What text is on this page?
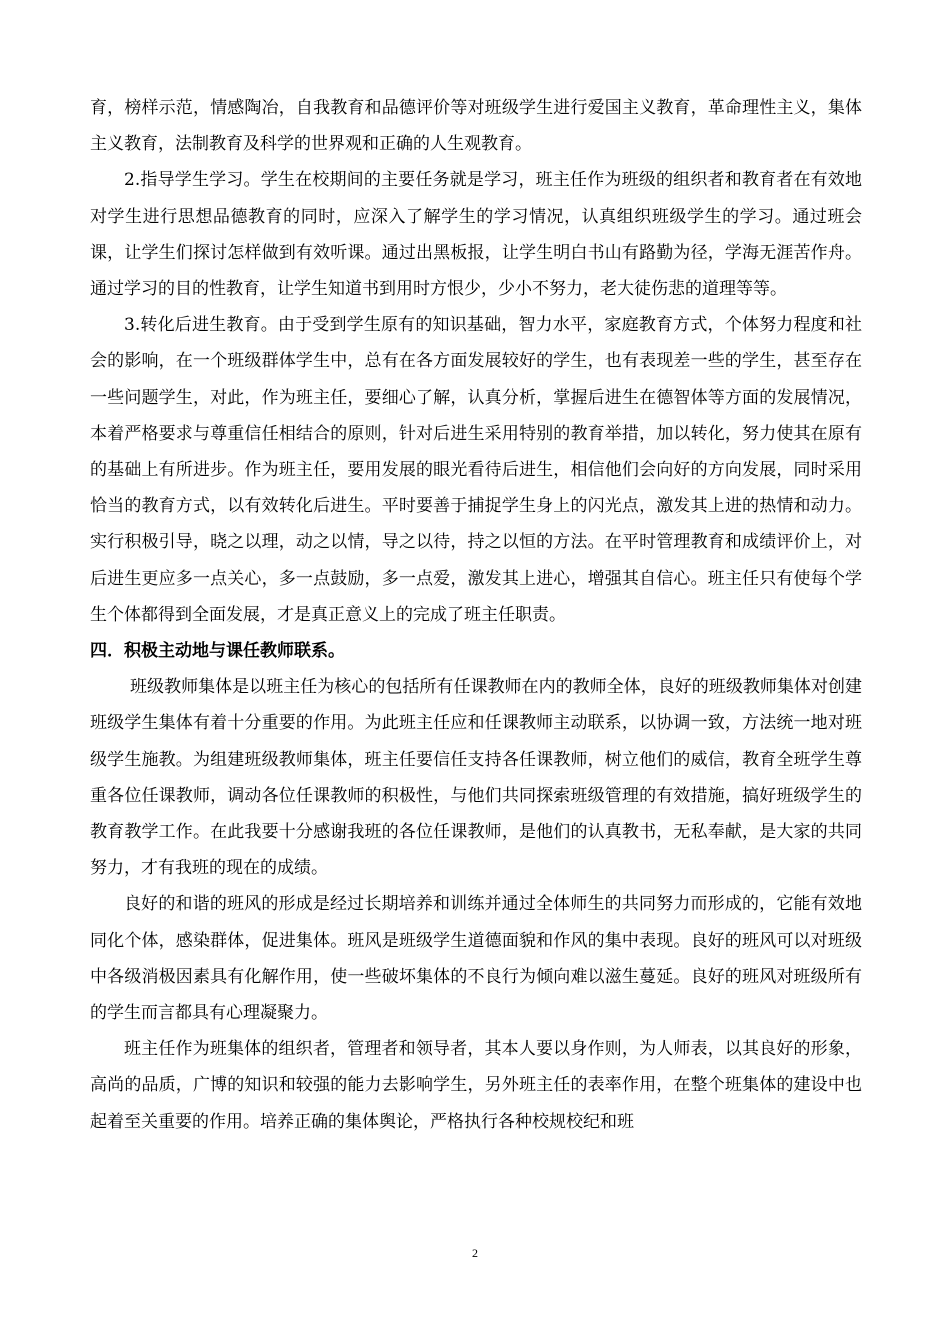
育，榜样示范，情感陶冶，自我教育和品德评价等对班级学生进行爱国主义教育，革命理性主义，集体主义教育，法制教育及科学的世界观和正确的人生观教育。

2.指导学生学习。学生在校期间的主要任务就是学习，班主任作为班级的组织者和教育者在有效地对学生进行思想品德教育的同时，应深入了解学生的学习情况，认真组织班级学生的学习。通过班会课，让学生们探讨怎样做到有效听课。通过出黑板报，让学生明白书山有路勤为径，学海无涯苦作舟。通过学习的目的性教育，让学生知道书到用时方恨少，少小不努力，老大徒伤悲的道理等等。

3.转化后进生教育。由于受到学生原有的知识基础，智力水平，家庭教育方式，个体努力程度和社会的影响，在一个班级群体学生中，总有在各方面发展较好的学生，也有表现差一些的学生，甚至存在一些问题学生，对此，作为班主任，要细心了解，认真分析，掌握后进生在德智体等方面的发展情况，本着严格要求与尊重信任相结合的原则，针对后进生采用特别的教育举措，加以转化，努力使其在原有的基础上有所进步。作为班主任，要用发展的眼光看待后进生，相信他们会向好的方向发展，同时采用恰当的教育方式，以有效转化后进生。平时要善于捕捉学生身上的闪光点，激发其上进的热情和动力。实行积极引导，晓之以理，动之以情，导之以待，持之以恒的方法。在平时管理教育和成绩评价上，对后进生更应多一点关心，多一点鼓励，多一点爱，激发其上进心，增强其自信心。班主任只有使每个学生个体都得到全面发展，才是真正意义上的完成了班主任职责。

四．积极主动地与课任教师联系。

班级教师集体是以班主任为核心的包括所有任课教师在内的教师全体，良好的班级教师集体对创建班级学生集体有着十分重要的作用。为此班主任应和任课教师主动联系，以协调一致，方法统一地对班级学生施教。为组建班级教师集体，班主任要信任支持各任课教师，树立他们的威信，教育全班学生尊重各位任课教师，调动各位任课教师的积极性，与他们共同探索班级管理的有效措施，搞好班级学生的教育教学工作。在此我要十分感谢我班的各位任课教师，是他们的认真教书，无私奉献，是大家的共同努力，才有我班的现在的成绩。

良好的和谐的班风的形成是经过长期培养和训练并通过全体师生的共同努力而形成的，它能有效地同化个体，感染群体，促进集体。班风是班级学生道德面貌和作风的集中表现。良好的班风可以对班级中各级消极因素具有化解作用，使一些破坏集体的不良行为倾向难以滋生蔓延。良好的班风对班级所有的学生而言都具有心理凝聚力。

班主任作为班集体的组织者，管理者和领导者，其本人要以身作则，为人师表，以其良好的形象，高尚的品质，广博的知识和较强的能力去影响学生，另外班主任的表率作用，在整个班集体的建设中也起着至关重要的作用。培养正确的集体舆论，严格执行各种校规校纪和班

2
